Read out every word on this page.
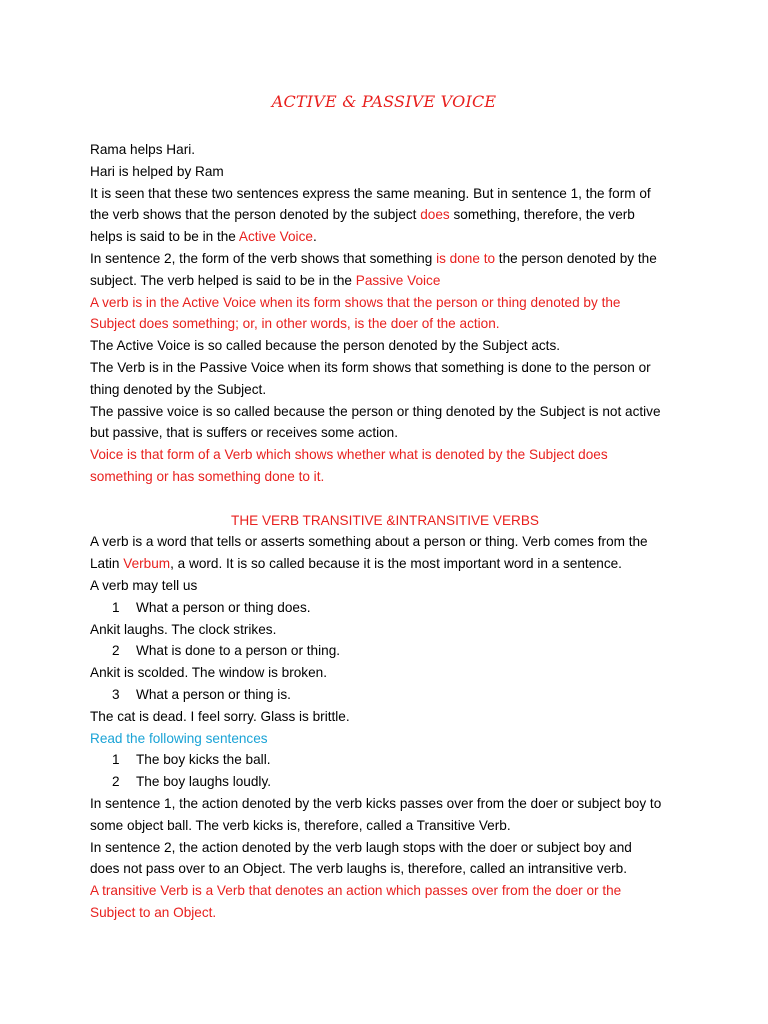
ACTIVE & PASSIVE VOICE

Rama helps Hari.

Hari is helped by Ram

It is seen that these two sentences express the same meaning. But in sentence 1, the form of

the verb shows that the person denoted by the subject does something, therefore, the verb

helps is said to be in the Active Voice.

In sentence 2, the form of the verb shows that something is done to the person denoted by the

subject. The verb helped is said to be in the Passive Voice

A verb is in the Active Voice when its form shows that the person or thing denoted by the

Subject does something; or, in other words, is the doer of the action.

The Active Voice is so called because the person denoted by the Subject acts.

The Verb is in the Passive Voice when its form shows that something is done to the person or

thing denoted by the Subject.

The passive voice is so called because the person or thing denoted by the Subject is not active

but passive, that is suffers or receives some action.

Voice is that form of a Verb which shows whether what is denoted by the Subject does

something or has something done to it.

THE VERB TRANSITIVE &INTRANSITIVE VERBS

A verb is a word that tells or asserts something about a person or thing. Verb comes from the

Latin Verbum, a word. It is so called because it is the most important word in a sentence.

A verb may tell us

1 What a person or thing does.

Ankit laughs. The clock strikes.

2 What is done to a person or thing.

Ankit is scolded. The window is broken.

3 What a person or thing is.

The cat is dead. I feel sorry. Glass is brittle.

Read the following sentences

1 The boy kicks the ball.

2 The boy laughs loudly.

In sentence 1, the action denoted by the verb kicks passes over from the doer or subject boy to

some object ball. The verb kicks is, therefore, called a Transitive Verb.

In sentence 2, the action denoted by the verb laugh stops with the doer or subject boy and

does not pass over to an Object. The verb laughs is, therefore, called an intransitive verb.

A transitive Verb is a Verb that denotes an action which passes over from the doer or the

Subject to an Object.
